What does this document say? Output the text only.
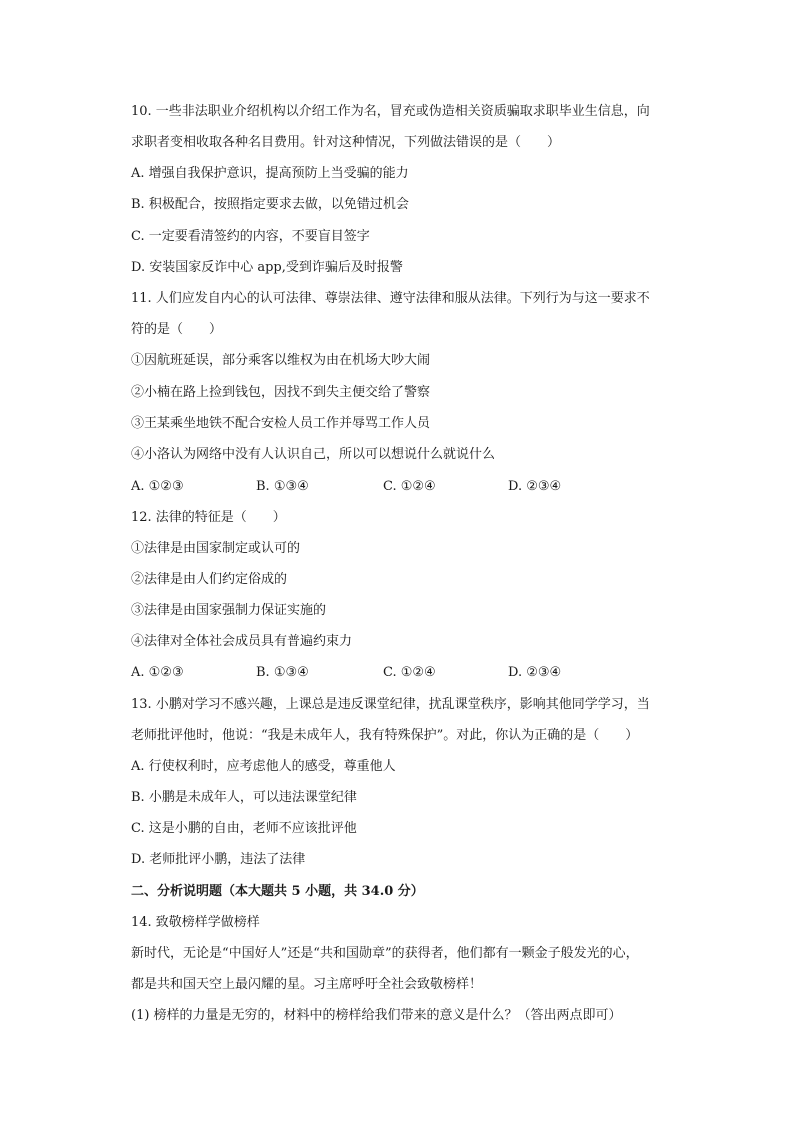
10. 一些非法职业介绍机构以介绍工作为名，冒充或伪造相关资质骗取求职毕业生信息，向
求职者变相收取各种名目费用。针对这种情况，下列做法错误的是（　　）
A. 增强自我保护意识，提高预防上当受骗的能力
B. 积极配合，按照指定要求去做，以免错过机会
C. 一定要看清签约的内容，不要盲目签字
D. 安装国家反诈中心 app,受到诈骗后及时报警
11. 人们应发自内心的认可法律、尊崇法律、遵守法律和服从法律。下列行为与这一要求不
符的是（　　）
①因航班延误，部分乘客以维权为由在机场大吵大闹
②小楠在路上捡到钱包，因找不到失主便交给了警察
③王某乘坐地铁不配合安检人员工作并辱骂工作人员
④小洛认为网络中没有人认识自己，所以可以想说什么就说什么
A. ①②③	B. ①③④	C. ①②④	D. ②③④
12. 法律的特征是（　　）
①法律是由国家制定或认可的
②法律是由人们约定俗成的
③法律是由国家强制力保证实施的
④法律对全体社会成员具有普遍约束力
A. ①②③	B. ①③④	C. ①②④	D. ②③④
13. 小鹏对学习不感兴趣，上课总是违反课堂纪律，扰乱课堂秩序，影响其他同学学习，当
老师批评他时，他说：“我是未成年人，我有特殊保护”。对此，你认为正确的是（　　）
A. 行使权利时，应考虑他人的感受，尊重他人
B. 小鹏是未成年人，可以违法课堂纪律
C. 这是小鹏的自由，老师不应该批评他
D. 老师批评小鹏，违法了法律
二、分析说明题（本大题共 5 小题，共 34.0 分）
14. 致敬榜样学做榜样
新时代，无论是“中国好人”还是“共和国勋章”的获得者，他们都有一颗金子般发光的心，
都是共和国天空上最闪耀的星。习主席呼吁全社会致敬榜样！
(1) 榜样的力量是无穷的，材料中的榜样给我们带来的意义是什么？（答出两点即可）
